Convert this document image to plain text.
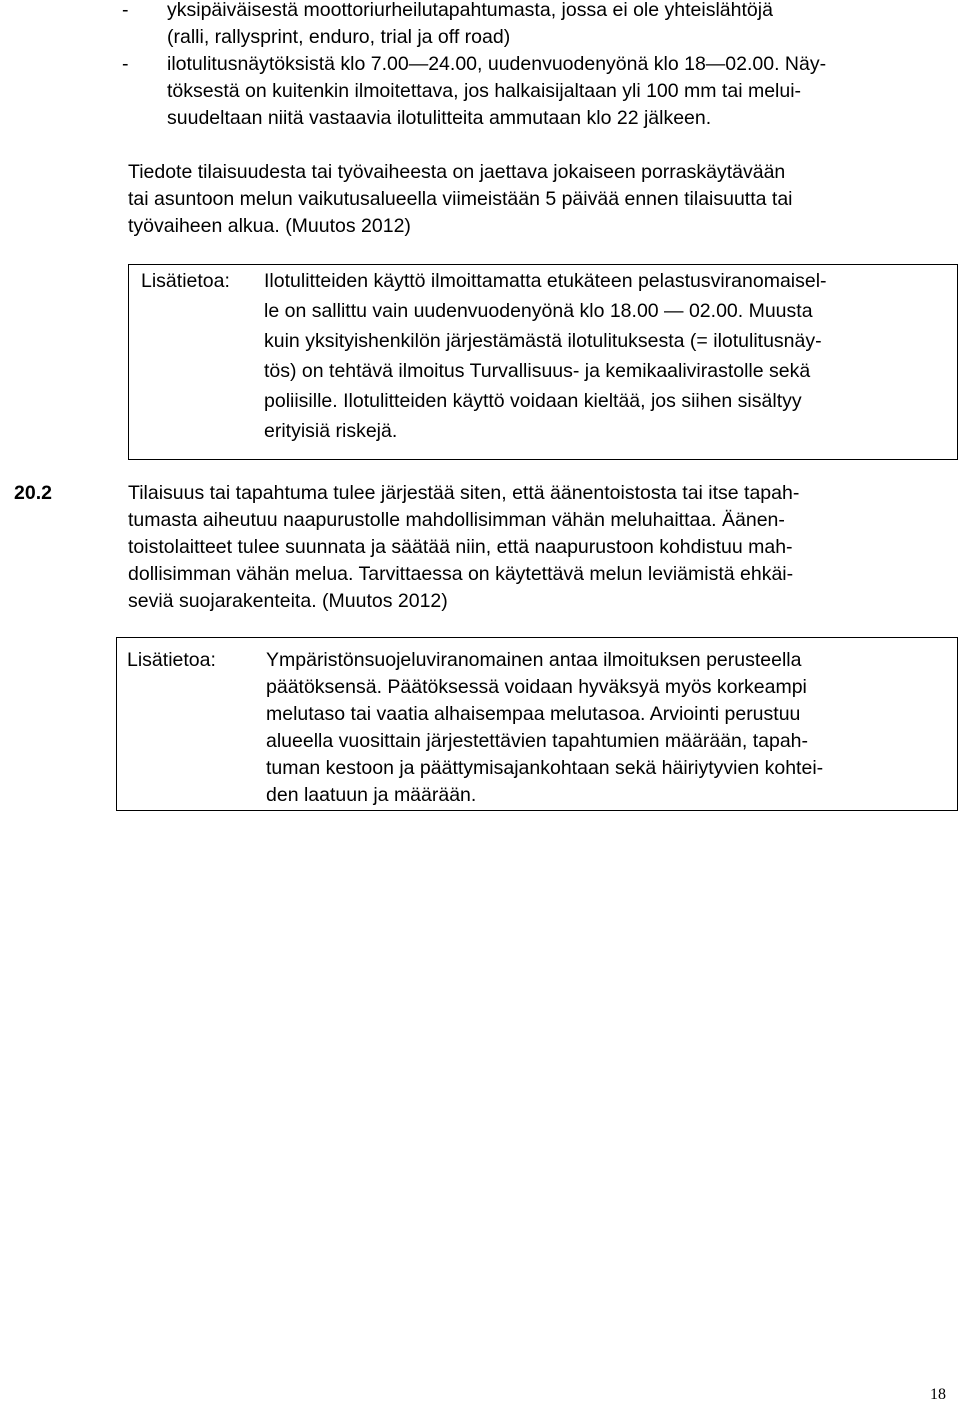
- yksipäiväisestä moottoriurheilutapahtumasta, jossa ei ole yhteislähtöjä
(ralli, rallysprint, enduro, trial ja off road)
- ilotulitusnäytöksistä klo 7.00—24.00, uudenvuodenyönä klo 18—02.00. Näy-
töksestä on kuitenkin ilmoitettava, jos halkaisijaltaan yli 100 mm tai melui-
suudeltaan niitä vastaavia ilotulitteita ammutaan klo 22 jälkeen.
Tiedote tilaisuudesta tai työvaiheesta on jaettava jokaiseen porraskäytävään
tai asuntoon melun vaikutusalueella viimeistään 5 päivää ennen tilaisuutta tai
työvaiheen alkua. (Muutos 2012)
Lisätietoa: Ilotulitteiden käyttö ilmoittamatta etukäteen pelastusviranomaisel-
le on sallittu vain uudenvuodenyönä klo 18.00 — 02.00. Muusta
kuin yksityishenkilön järjestämästä ilotulituksesta (= ilotulitusnäy-
tös) on tehtävä ilmoitus Turvallisuus- ja kemikaalivirastolle sekä
poliisille. Ilotulitteiden käyttö voidaan kieltää, jos siihen sisältyy
erityisiä riskejä.
20.2	Tilaisuus tai tapahtuma tulee järjestää siten, että äänentoistosta tai itse tapah-
tumasta aiheutuu naapurustolle mahdollisimman vähän meluhaittaa. Äänen-
toistolaitteet tulee suunnata ja säätää niin, että naapurustoon kohdistuu mah-
dollisimman vähän melua. Tarvittaessa on käytettävä melun leviämistä ehkäi-
seviä suojarakenteita. (Muutos 2012)
Lisätietoa:	Ympäristönsuojeluviranomainen antaa ilmoituksen perusteella
päätöksensä. Päätöksessä voidaan hyväksyä myös korkeampi
melutaso tai vaatia alhaisempaa melutasoa. Arviointi perustuu
alueella vuosittain järjestettävien tapahtumien määrään, tapah-
tuman kestoon ja päättymisajankohtaan sekä häiriytyvien kohtei-
den laatuun ja määrään.
18
